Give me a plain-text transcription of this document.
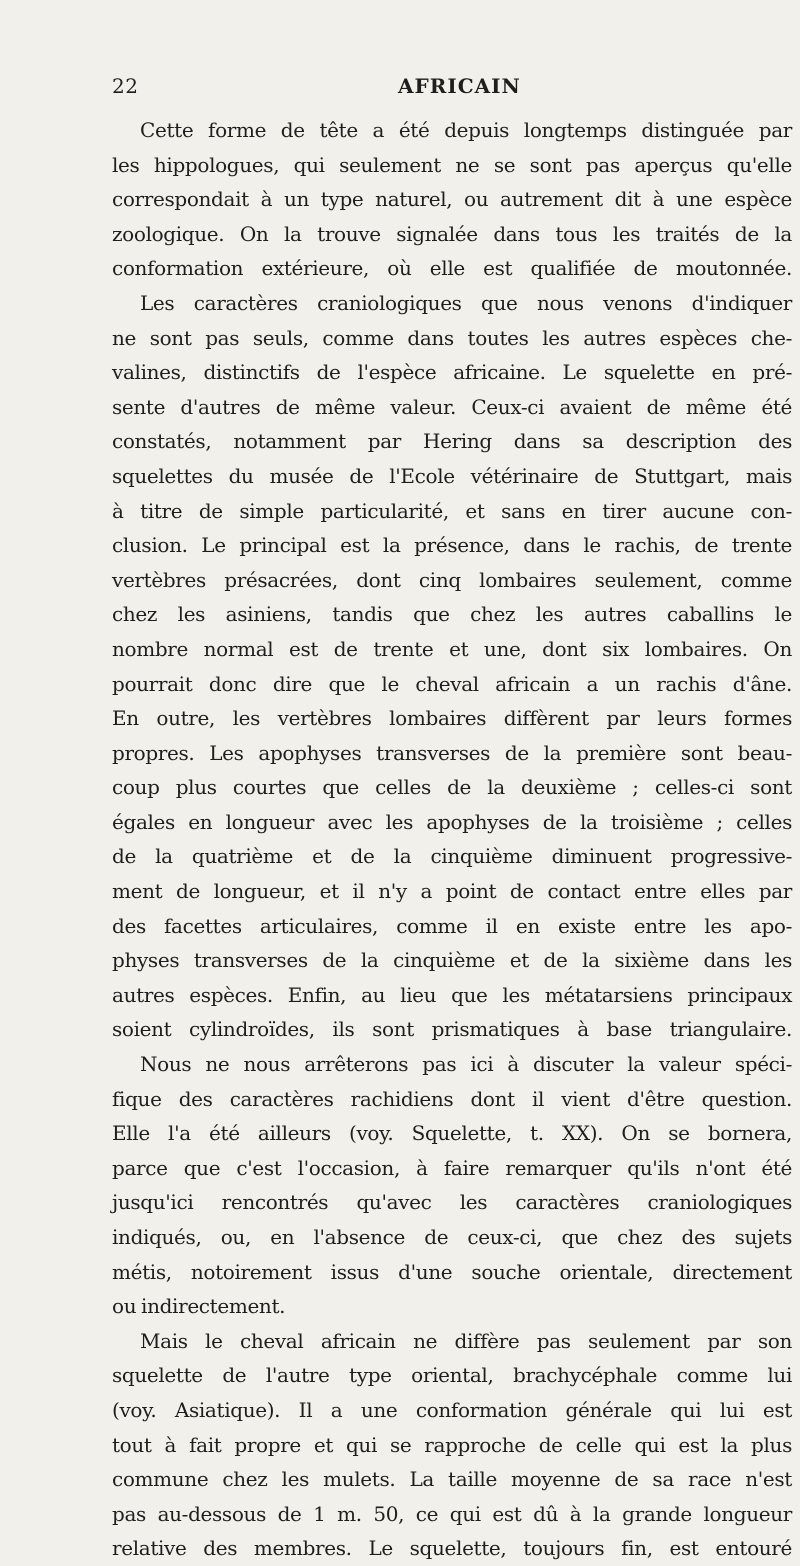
22	AFRICAIN
Cette forme de tête a été depuis longtemps distinguée par
les hippologues, qui seulement ne se sont pas aperçus qu'elle
correspondait à un type naturel, ou autrement dit à une espèce
zoologique. On la trouve signalée dans tous les traités de la
conformation extérieure, où elle est qualifiée de moutonnée.
Les caractères craniologiques que nous venons d'indiquer
ne sont pas seuls, comme dans toutes les autres espèces che-
valines, distinctifs de l'espèce africaine. Le squelette en pré-
sente d'autres de même valeur. Ceux-ci avaient de même été
constatés, notamment par Hering dans sa description des
squelettes du musée de l'Ecole vétérinaire de Stuttgart, mais
à titre de simple particularité, et sans en tirer aucune con-
clusion. Le principal est la présence, dans le rachis, de trente
vertèbres présacrées, dont cinq lombaires seulement, comme
chez les asiniens, tandis que chez les autres caballins le
nombre normal est de trente et une, dont six lombaires. On
pourrait donc dire que le cheval africain a un rachis d'âne.
En outre, les vertèbres lombaires diffèrent par leurs formes
propres. Les apophyses transverses de la première sont beau-
coup plus courtes que celles de la deuxième ; celles-ci sont
égales en longueur avec les apophyses de la troisième ; celles
de la quatrième et de la cinquième diminuent progressive-
ment de longueur, et il n'y a point de contact entre elles par
des facettes articulaires, comme il en existe entre les apo-
physes transverses de la cinquième et de la sixième dans les
autres espèces. Enfin, au lieu que les métatarsiens principaux
soient cylindroïdes, ils sont prismatiques à base triangulaire.
Nous ne nous arrêterons pas ici à discuter la valeur spéci-
fique des caractères rachidiens dont il vient d'être question.
Elle l'a été ailleurs (voy. Squelette, t. XX). On se bornera,
parce que c'est l'occasion, à faire remarquer qu'ils n'ont été
jusqu'ici rencontrés qu'avec les caractères craniologiques
indiqués, ou, en l'absence de ceux-ci, que chez des sujets
métis, notoirement issus d'une souche orientale, directement
ou indirectement.
Mais le cheval africain ne diffère pas seulement par son
squelette de l'autre type oriental, brachycéphale comme lui
(voy. Asiatique). Il a une conformation générale qui lui est
tout à fait propre et qui se rapproche de celle qui est la plus
commune chez les mulets. La taille moyenne de sa race n'est
pas au-dessous de 1 m. 50, ce qui est dû à la grande longueur
relative des membres. Le squelette, toujours fin, est entouré
